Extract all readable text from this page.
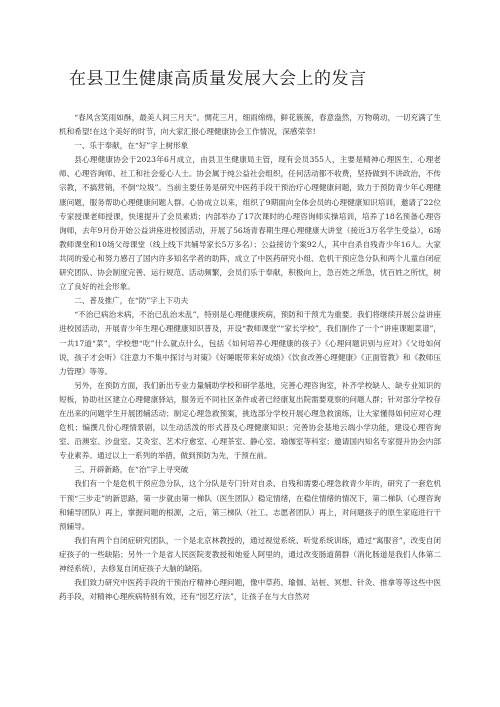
在县卫生健康高质量发展大会上的发言

“春风含笑雨如酥，最美人间三月天”。惆花三月，细雨绵绵，鲜花簇簇，春意盎然，万物萌动，一切充满了生机和希望!在这个美好的时节，向大家汇报心理健康协会工作情况，深感荣幸!

一、乐于奉献，在“好”字上树形象

县心理健康协会于2023年6月成立，由县卫生健康局主管，现有会员355人，主要是精神心理医生、心理老师、心理咨询师、社工和社会爱心人士。协会属于纯公益社会组织，任何活动都不收费，坚持做到不讲政治，不传宗教，不搞营销，不倒“垃圾”。当前主要任务是研究中医药手段干预治疗心理健康问题，致力于预防青少年心理健康问题，服务帮助心理健康问题人群。心协成立以来，组织了9期面向全体会员的心理健康知识培训，邀请了22位专家授课老师授课，快速提升了会员素质；内部举办了17次课时的心理咨询师实操培训，培养了18名预备心理咨询师，去年9月份开始公益讲座进校园活动，开展了56场青春期生理心理健康大讲堂（接近3万名学生受益），6场教师课堂和10场父母课堂（线上线下共辅导家长5万多名）；公益接访个案92人，其中自杀自残青少年16人。大家共同的爱心和努力感召了国内许多知名学者的助阵，成立了中医药研究小组、危机干预应急分队和两个儿童自闭症研究团队、协会制度完善、运行规范、活动频繁，会员们乐于奉献，积极向上，急百姓之所急，忧百姓之所忧，树立了良好的社会形象。

二、普及推广，在“防”字上下功夫

“不治已病治未病，不治已乱治未乱”，特别是心理健康疾病，预防和干预尤为重要。我们将继续开展公益讲座进校园活动，开展青少年生理心理健康知识普及，开设“教师课堂”“家长学校”，我们制作了一个“讲座课题菜谱”，一共17道“菜”，学校想“吃”什么就点什么，包括《如何培养心理健康的孩子》《心理问题识别与应对》《父母如何说，孩子才会听》《注意力不集中探讨与对策》《好睡眠带来好成绩》《饮食改善心理健康》《正面管教》和《教师压力管理》等等。

另外，在预防方面，我们新出专业力量辅助学校和研学基地，完善心理咨询室，补齐学校缺人、缺专业知识的短板，协助社区建立心理健康驿站，服务近不同社区条件或者已经康复出院需要观察的问题人群；针对部分学校存在出来的问题学生开展团辅活动；制定心理急救预案，挑选部分学校开展心理急救演练，让大家懂得如何应对心理危机；编撰几份心理情景剧，以生动活泼的形式普及心理健康知识；完善协会基地云端小学功能，建设心理咨询室、沿澳室、沙盘室、艾灸室、艺术疗愈室、心理茶室、静心室、瑜伽室等科室；邀请国内知名专家提升协会内部专业素养。通过以上一系列的举措，做到预防为先，于预在前。

三、开辟新路，在“治”字上寻突破

我们有一个是危机干预应急分队，这个分队是专门针对自杀、自残和需要心理急救青少年的，研究了一套危机干预“三步走”的新思路，第一步就由第一梯队（医生团队）稳定情绪，在稳住情绪的情况下，第二梯队（心理咨询和辅导团队）再上，掌握问题的根源，之后，第三梯队（社工、志愿者团队）再上，对问题孩子的原生家庭进行干预辅导。

我们有两个自闭症研究团队，一个是北京林教授的，通过视觉系统、听觉系统训练，通过“寓服音”，改变自闭症孩子的一些缺陷；另外一个是省人民医院麦教授和她爱人阿里的，通过改变肠道菌群（消化肠道是我们人体第二神经系统），去修复自闭症孩子大脑的缺陷。

我们致力研究中医药手段的干预治疗精神心理问题，像中草药、瑜伽、站桩、冥想、针灸、推拿等等这些中医药手段，对精神心理疾病特别有效，还有“园艺疗法”，让孩子在与大自然对
